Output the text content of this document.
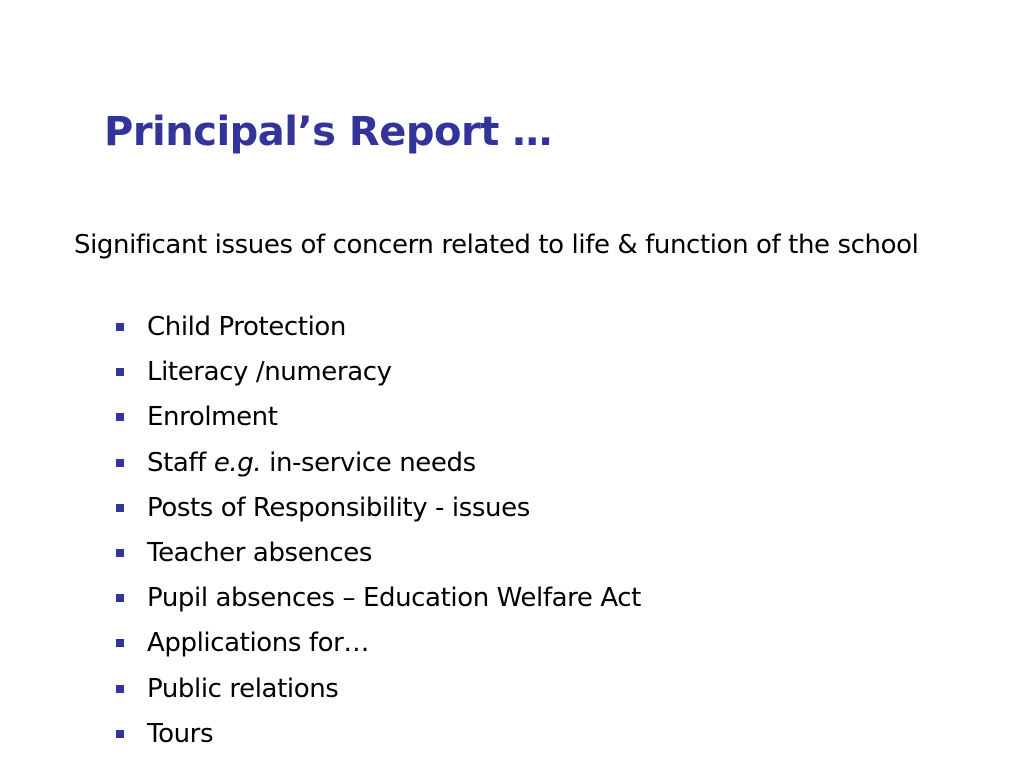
Principal’s Report …

Significant issues of concern related to life & function of the school

Child Protection
Literacy /numeracy
Enrolment
Staff e.g. in-service needs
Posts of Responsibility - issues
Teacher absences
Pupil absences – Education Welfare Act
Applications for…
Public relations
Tours
